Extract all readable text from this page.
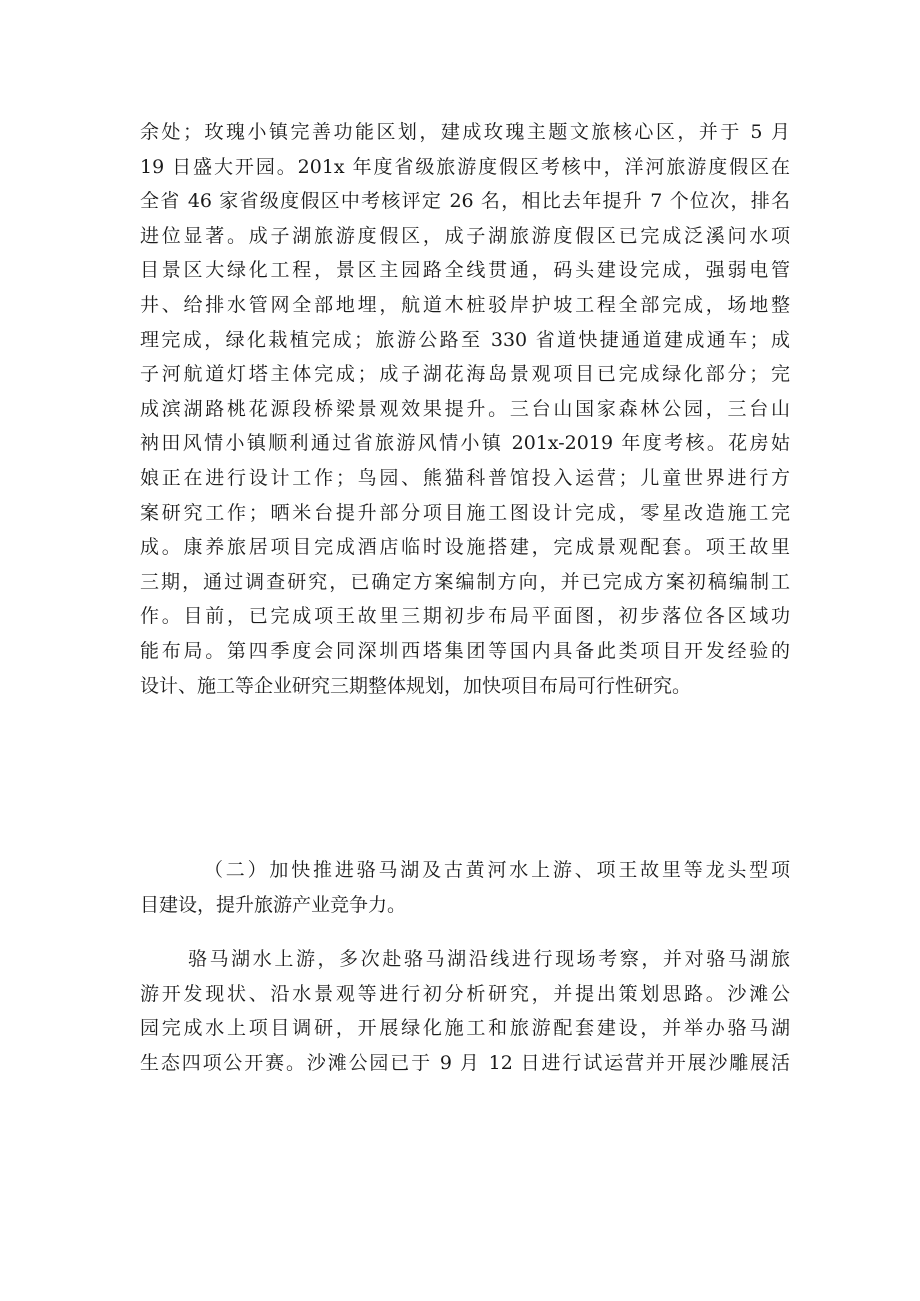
余处；玫瑰小镇完善功能区划，建成玫瑰主题文旅核心区，并于 5 月
19 日盛大开园。201x 年度省级旅游度假区考核中，洋河旅游度假区在
全省 46 家省级度假区中考核评定 26 名，相比去年提升 7 个位次，排名
进位显著。成子湖旅游度假区，成子湖旅游度假区已完成泛溪问水项
目景区大绿化工程，景区主园路全线贯通，码头建设完成，强弱电管
井、给排水管网全部地埋，航道木桩驳岸护坡工程全部完成，场地整
理完成，绿化栽植完成；旅游公路至 330 省道快捷通道建成通车；成
子河航道灯塔主体完成；成子湖花海岛景观项目已完成绿化部分；完
成滨湖路桃花源段桥梁景观效果提升。三台山国家森林公园，三台山
衲田风情小镇顺利通过省旅游风情小镇 201x-2019 年度考核。花房姑
娘正在进行设计工作；鸟园、熊猫科普馆投入运营；儿童世界进行方
案研究工作；晒米台提升部分项目施工图设计完成，零星改造施工完
成。康养旅居项目完成酒店临时设施搭建，完成景观配套。项王故里
三期，通过调查研究，已确定方案编制方向，并已完成方案初稿编制工
作。目前，已完成项王故里三期初步布局平面图，初步落位各区域功
能布局。第四季度会同深圳西塔集团等国内具备此类项目开发经验的
设计、施工等企业研究三期整体规划，加快项目布局可行性研究。
（二）加快推进骆马湖及古黄河水上游、项王故里等龙头型项
目建设，提升旅游产业竞争力。
骆马湖水上游，多次赴骆马湖沿线进行现场考察，并对骆马湖旅
游开发现状、沿水景观等进行初分析研究，并提出策划思路。沙滩公
园完成水上项目调研，开展绿化施工和旅游配套建设，并举办骆马湖
生态四项公开赛。沙滩公园已于 9 月 12 日进行试运营并开展沙雕展活
